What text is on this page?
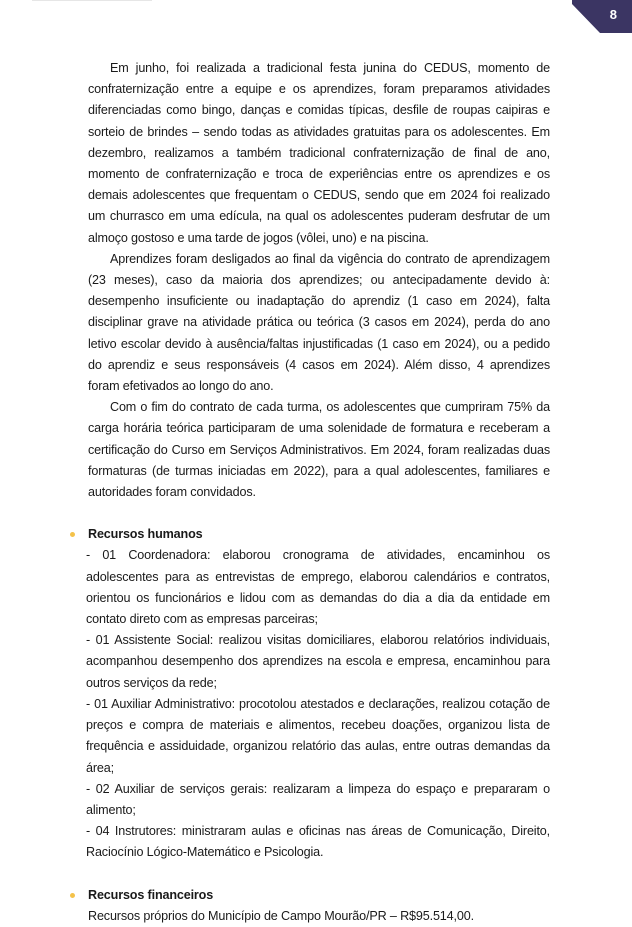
8

Em junho, foi realizada a tradicional festa junina do CEDUS, momento de confraternização entre a equipe e os aprendizes, foram preparamos atividades diferenciadas como bingo, danças e comidas típicas, desfile de roupas caipiras e sorteio de brindes – sendo todas as atividades gratuitas para os adolescentes. Em dezembro, realizamos a também tradicional confraternização de final de ano, momento de confraternização e troca de experiências entre os aprendizes e os demais adolescentes que frequentam o CEDUS, sendo que em 2024 foi realizado um churrasco em uma edícula, na qual os adolescentes puderam desfrutar de um almoço gostoso e uma tarde de jogos (vôlei, uno) e na piscina.

Aprendizes foram desligados ao final da vigência do contrato de aprendizagem (23 meses), caso da maioria dos aprendizes; ou antecipadamente devido à: desempenho insuficiente ou inadaptação do aprendiz (1 caso em 2024), falta disciplinar grave na atividade prática ou teórica (3 casos em 2024), perda do ano letivo escolar devido à ausência/faltas injustificadas (1 caso em 2024), ou a pedido do aprendiz e seus responsáveis (4 casos em 2024). Além disso, 4 aprendizes foram efetivados ao longo do ano.

Com o fim do contrato de cada turma, os adolescentes que cumpriram 75% da carga horária teórica participaram de uma solenidade de formatura e receberam a certificação do Curso em Serviços Administrativos. Em 2024, foram realizadas duas formaturas (de turmas iniciadas em 2022), para a qual adolescentes, familiares e autoridades foram convidados.

Recursos humanos

- 01 Coordenadora: elaborou cronograma de atividades, encaminhou os adolescentes para as entrevistas de emprego, elaborou calendários e contratos, orientou os funcionários e lidou com as demandas do dia a dia da entidade em contato direto com as empresas parceiras;

- 01 Assistente Social: realizou visitas domiciliares, elaborou relatórios individuais, acompanhou desempenho dos aprendizes na escola e empresa, encaminhou para outros serviços da rede;

- 01 Auxiliar Administrativo: procotolou atestados e declarações, realizou cotação de preços e compra de materiais e alimentos, recebeu doações, organizou lista de frequência e assiduidade, organizou relatório das aulas, entre outras demandas da área;

- 02 Auxiliar de serviços gerais: realizaram a limpeza do espaço e prepararam o alimento;

- 04 Instrutores: ministraram aulas e oficinas nas áreas de Comunicação, Direito, Raciocínio Lógico-Matemático e Psicologia.

Recursos financeiros

Recursos próprios do Município de Campo Mourão/PR – R$95.514,00.
